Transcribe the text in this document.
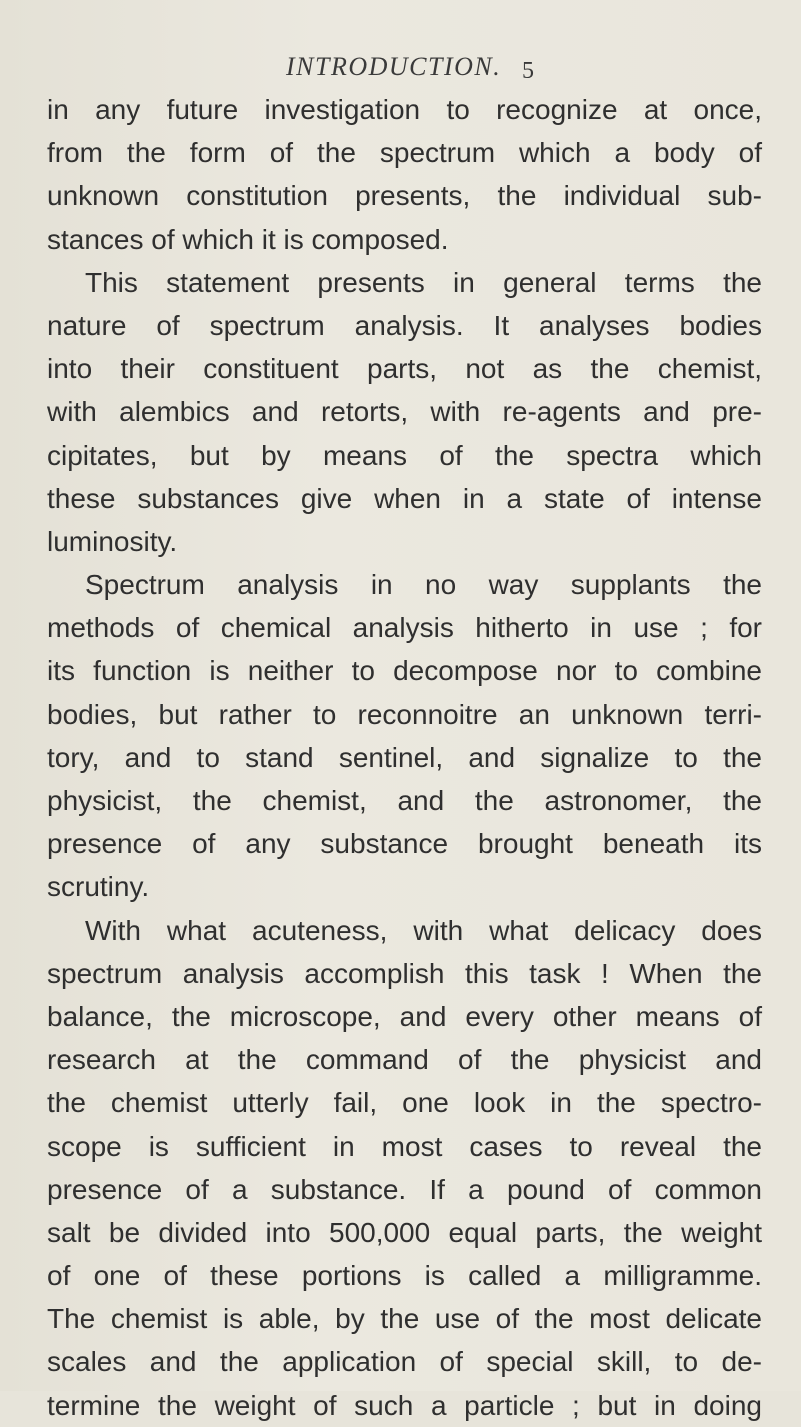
INTRODUCTION. 5
in any future investigation to recognize at once,
from the form of the spectrum which a body of
unknown constitution presents, the individual sub-
stances of which it is composed.
This statement presents in general terms the
nature of spectrum analysis. It analyses bodies
into their constituent parts, not as the chemist,
with alembics and retorts, with re-agents and pre-
cipitates, but by means of the spectra which
these substances give when in a state of intense
luminosity.
Spectrum analysis in no way supplants the
methods of chemical analysis hitherto in use ; for
its function is neither to decompose nor to combine
bodies, but rather to reconnoitre an unknown terri-
tory, and to stand sentinel, and signalize to the
physicist, the chemist, and the astronomer, the
presence of any substance brought beneath its
scrutiny.
With what acuteness, with what delicacy does
spectrum analysis accomplish this task ! When the
balance, the microscope, and every other means of
research at the command of the physicist and
the chemist utterly fail, one look in the spectro-
scope is sufficient in most cases to reveal the
presence of a substance. If a pound of common
salt be divided into 500,000 equal parts, the weight
of one of these portions is called a milligramme.
The chemist is able, by the use of the most delicate
scales and the application of special skill, to de-
termine the weight of such a particle ; but in doing
